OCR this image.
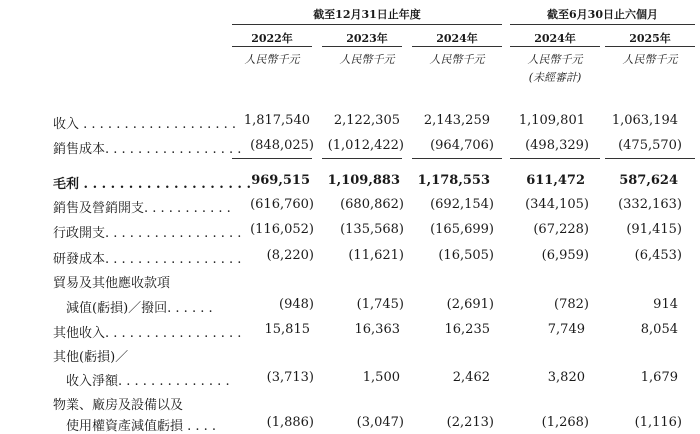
截至12月31日止年度	截至6月30日止六個月
2022年	2023年	2024年	2024年	2025年
人民幣千元	人民幣千元	人民幣千元	人民幣千元	人民幣千元
(未經審計)
收入 . . . . . . . . . . . . . . . . . . . 1,817,540 2,122,305 2,143,259 1,109,801 1,063,194
銷售成本. . . . . . . . . . . . . . . . . (848,025) (1,012,422) (964,706) (498,329) (475,570)
毛利 . . . . . . . . . . . . . . . . . . . 969,515 1,109,883 1,178,553	611,472	587,624
銷售及營銷開支. . . . . . . . . . . (616,760) (680,862) (692,154) (344,105) (332,163)
行政開支. . . . . . . . . . . . . . . . . (116,052) (135,568) (165,699)	(67,228)	(91,415)
研發成本. . . . . . . . . . . . . . . . . (8,220)	(11,621)	(16,505)	(6,959)	(6,453)
貿易及其他應收款項
減值(虧損)／撥回. . . . . .	(948)	(1,745)	(2,691)	(782)	914
其他收入. . . . . . . . . . . . . . . . . 15,815	16,363	16,235	7,749	8,054
其他(虧損)／
收入淨額. . . . . . . . . . . . . .	(3,713)	1,500	2,462	3,820	1,679
物業、廠房及設備以及
使用權資產減值虧損 . . . .	(1,886)	(3,047)	(2,213)	(1,268)	(1,116)
